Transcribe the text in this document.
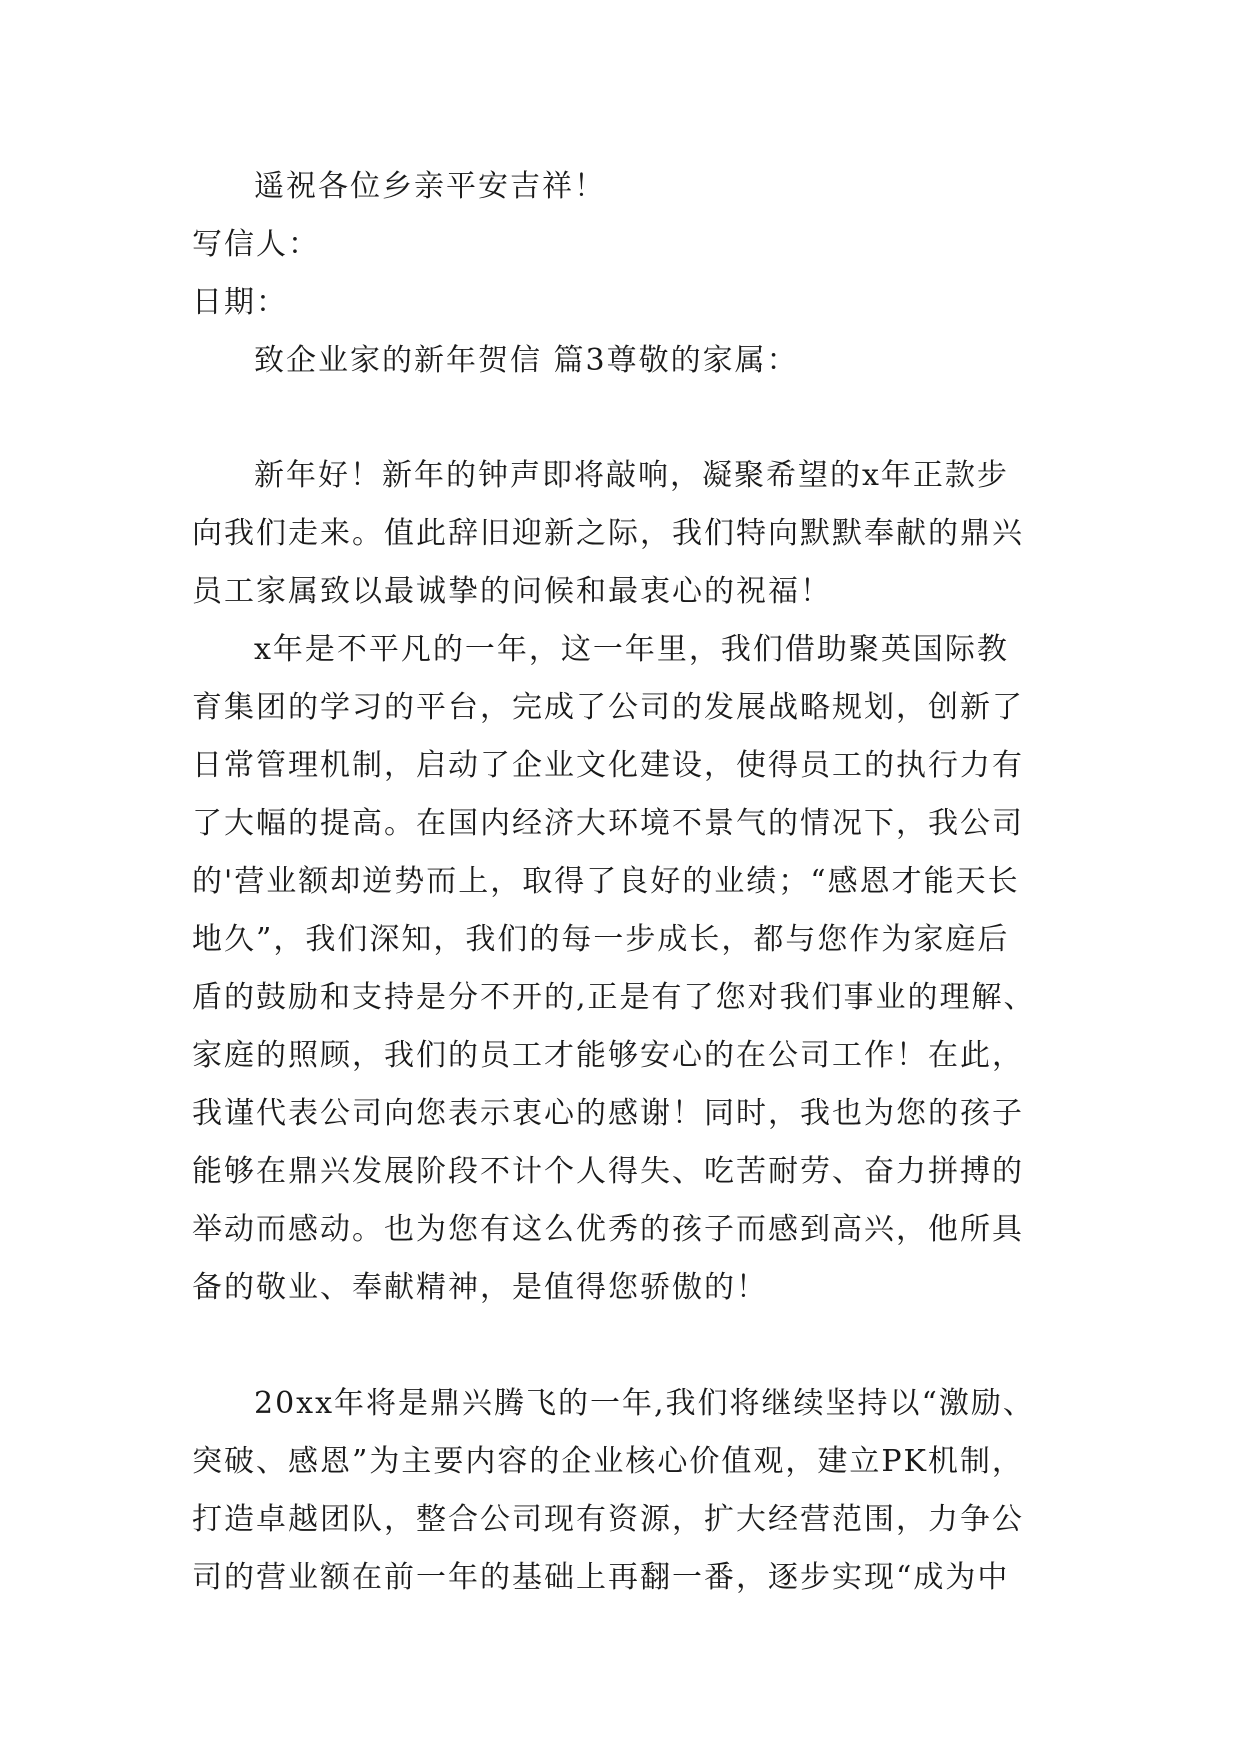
遥祝各位乡亲平安吉祥！
写信人：
日期：
致企业家的新年贺信 篇3尊敬的家属：
新年好！新年的钟声即将敲响，凝聚希望的x年正款步
向我们走来。值此辞旧迎新之际，我们特向默默奉献的鼎兴
员工家属致以最诚挚的问候和最衷心的祝福！
x年是不平凡的一年，这一年里，我们借助聚英国际教
育集团的学习的平台，完成了公司的发展战略规划，创新了
日常管理机制，启动了企业文化建设，使得员工的执行力有
了大幅的提高。在国内经济大环境不景气的情况下，我公司
的'营业额却逆势而上，取得了良好的业绩；“感恩才能天长
地久”，我们深知，我们的每一步成长，都与您作为家庭后
盾的鼓励和支持是分不开的,正是有了您对我们事业的理解、
家庭的照顾，我们的员工才能够安心的在公司工作！在此，
我谨代表公司向您表示衷心的感谢！同时，我也为您的孩子
能够在鼎兴发展阶段不计个人得失、吃苦耐劳、奋力拼搏的
举动而感动。也为您有这么优秀的孩子而感到高兴，他所具
备的敬业、奉献精神，是值得您骄傲的！
20xx年将是鼎兴腾飞的一年,我们将继续坚持以“激励、
突破、感恩”为主要内容的企业核心价值观，建立PK机制，
打造卓越团队，整合公司现有资源，扩大经营范围，力争公
司的营业额在前一年的基础上再翻一番，逐步实现“成为中
